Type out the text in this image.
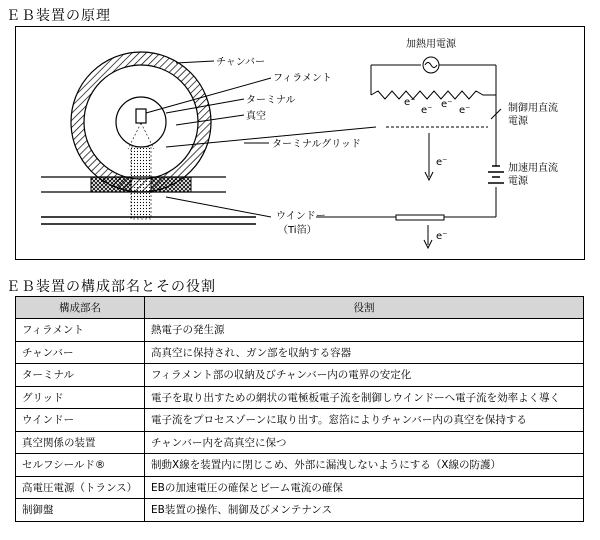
ＥＢ装置の原理
チャンバー
フィラメント
ターミナル
真空
ターミナルグリッド
ウインドー
（Ti箔）
加熱用電源
制御用直流
電源
加速用直流
電源
e⁻
e⁻
e⁻
e⁻
e⁻
e⁻
ＥＢ装置の構成部名とその役割
構成部名	役割
フィラメント	熱電子の発生源
チャンバー	高真空に保持され、ガン部を収納する容器
ターミナル	フィラメント部の収納及びチャンバー内の電界の安定化
グリッド	電子を取り出すための網状の電極板電子流を制御しウインドーへ電子流を効率よく導く
ウインドー	電子流をプロセスゾーンに取り出す。窓箔によりチャンバー内の真空を保持する
真空関係の装置	チャンバー内を高真空に保つ
セルフシールド®	制動X線を装置内に閉じこめ、外部に漏洩しないようにする（X線の防護）
高電圧電源（トランス）	EBの加速電圧の確保とビーム電流の確保
制御盤	EB装置の操作、制御及びメンテナンス
